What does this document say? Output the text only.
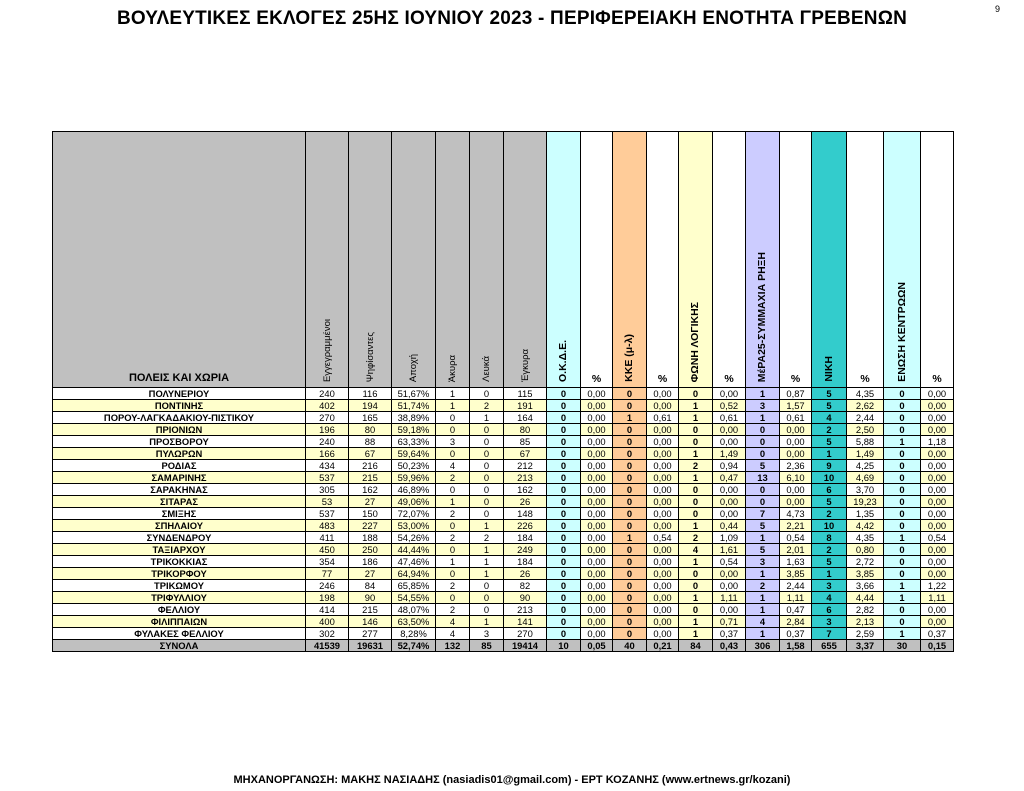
9
ΒΟΥΛΕΥΤΙΚΕΣ ΕΚΛΟΓΕΣ 25ΗΣ ΙΟΥΝΙΟΥ 2023 - ΠΕΡΙΦΕΡΕΙΑΚΗ ΕΝΟΤΗΤΑ ΓΡΕΒΕΝΩΝ
ΠΟΛΕΙΣ ΚΑΙ ΧΩΡΙΑ	Εγγεγραμμένοι	Ψηφίσαντες	Αποχή	Άκυρα	Λευκά	Έγκυρα	Ο.Κ.Δ.Ε.	%	ΚΚΕ (μ-λ)	%	ΦΩΝΗ ΛΟΓΙΚΗΣ	%	ΜέΡΑ25-ΣΥΜΜΑΧΙΑ ΡΗΞΗ	%	ΝΙΚΗ	%	ΕΝΩΣΗ ΚΕΝΤΡΩΩΝ	%
ΠΟΛΥΝΕΡΙΟΥ	240	116	51,67%	1	0	115	0	0,00	0	0,00	0	0,00	1	0,87	5	4,35	0	0,00
ΠΟΝΤΙΝΗΣ	402	194	51,74%	1	2	191	0	0,00	0	0,00	1	0,52	3	1,57	5	2,62	0	0,00
ΠΟΡΟΥ-ΛΑΓΚΑΔΑΚΙΟΥ-ΠΙΣΤΙΚΟΥ	270	165	38,89%	0	1	164	0	0,00	1	0,61	1	0,61	1	0,61	4	2,44	0	0,00
ΠΡΙΟΝΙΩΝ	196	80	59,18%	0	0	80	0	0,00	0	0,00	0	0,00	0	0,00	2	2,50	0	0,00
ΠΡΟΣΒΟΡΟΥ	240	88	63,33%	3	0	85	0	0,00	0	0,00	0	0,00	0	0,00	5	5,88	1	1,18
ΠΥΛΩΡΩΝ	166	67	59,64%	0	0	67	0	0,00	0	0,00	1	1,49	0	0,00	1	1,49	0	0,00
ΡΟΔΙΑΣ	434	216	50,23%	4	0	212	0	0,00	0	0,00	2	0,94	5	2,36	9	4,25	0	0,00
ΣΑΜΑΡΙΝΗΣ	537	215	59,96%	2	0	213	0	0,00	0	0,00	1	0,47	13	6,10	10	4,69	0	0,00
ΣΑΡΑΚΗΝΑΣ	305	162	46,89%	0	0	162	0	0,00	0	0,00	0	0,00	0	0,00	6	3,70	0	0,00
ΣΙΤΑΡΑΣ	53	27	49,06%	1	0	26	0	0,00	0	0,00	0	0,00	0	0,00	5	19,23	0	0,00
ΣΜΙΞΗΣ	537	150	72,07%	2	0	148	0	0,00	0	0,00	0	0,00	7	4,73	2	1,35	0	0,00
ΣΠΗΛΑΙΟΥ	483	227	53,00%	0	1	226	0	0,00	0	0,00	1	0,44	5	2,21	10	4,42	0	0,00
ΣΥΝΔΕΝΔΡΟΥ	411	188	54,26%	2	2	184	0	0,00	1	0,54	2	1,09	1	0,54	8	4,35	1	0,54
ΤΑΞΙΑΡΧΟΥ	450	250	44,44%	0	1	249	0	0,00	0	0,00	4	1,61	5	2,01	2	0,80	0	0,00
ΤΡΙΚΟΚΚΙΑΣ	354	186	47,46%	1	1	184	0	0,00	0	0,00	1	0,54	3	1,63	5	2,72	0	0,00
ΤΡΙΚΟΡΦΟΥ	77	27	64,94%	0	1	26	0	0,00	0	0,00	0	0,00	1	3,85	1	3,85	0	0,00
ΤΡΙΚΩΜΟΥ	246	84	65,85%	2	0	82	0	0,00	0	0,00	0	0,00	2	2,44	3	3,66	1	1,22
ΤΡΙΦΥΛΛΙΟΥ	198	90	54,55%	0	0	90	0	0,00	0	0,00	1	1,11	1	1,11	4	4,44	1	1,11
ΦΕΛΛΙΟΥ	414	215	48,07%	2	0	213	0	0,00	0	0,00	0	0,00	1	0,47	6	2,82	0	0,00
ΦΙΛΙΠΠΑΙΩΝ	400	146	63,50%	4	1	141	0	0,00	0	0,00	1	0,71	4	2,84	3	2,13	0	0,00
ΦΥΛΑΚΕΣ ΦΕΛΛΙΟΥ	302	277	8,28%	4	3	270	0	0,00	0	0,00	1	0,37	1	0,37	7	2,59	1	0,37
ΣΥΝΟΛΑ	41539	19631	52,74%	132	85	19414	10	0,05	40	0,21	84	0,43	306	1,58	655	3,37	30	0,15
ΜΗΧΑΝΟΡΓΑΝΩΣΗ: ΜΑΚΗΣ ΝΑΣΙΑΔΗΣ (nasiadis01@gmail.com) - ΕΡΤ ΚΟΖΑΝΗΣ (www.ertnews.gr/kozani)
